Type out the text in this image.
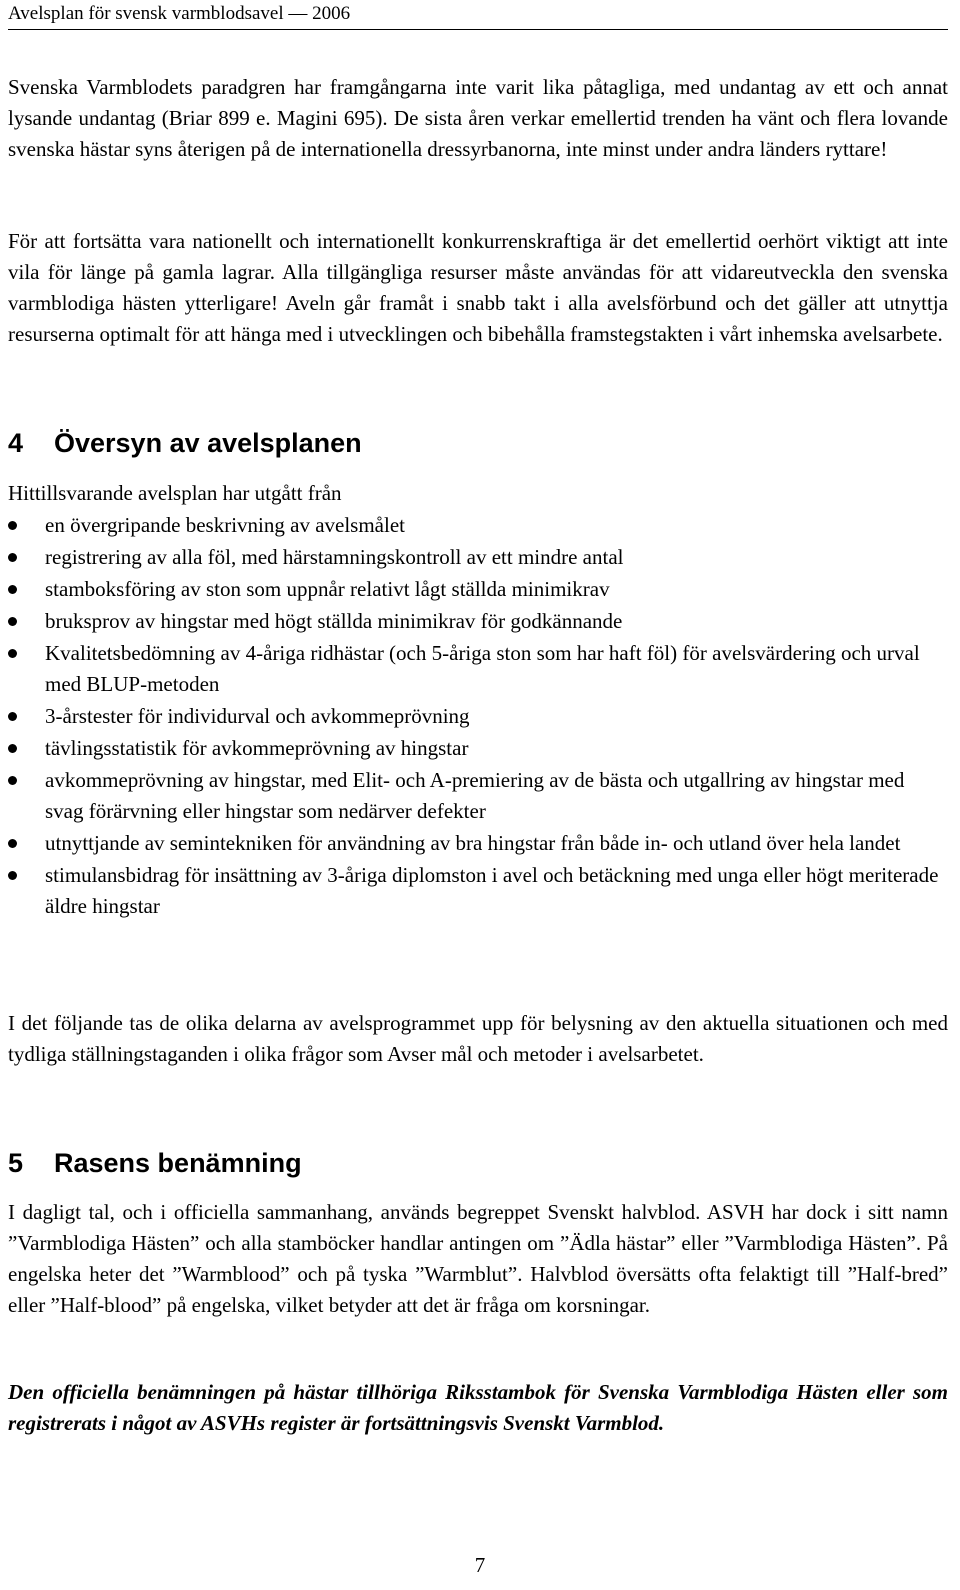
Avelsplan för svensk varmblodsavel — 2006

Svenska Varmblodets paradgren har framgångarna inte varit lika påtagliga, med undantag av ett och annat lysande undantag (Briar 899 e. Magini 695). De sista åren verkar emellertid trenden ha vänt och flera lovande svenska hästar syns återigen på de internationella dressyrbanorna, inte minst under andra länders ryttare!

För att fortsätta vara nationellt och internationellt konkurrenskraftiga är det emellertid oerhört viktigt att inte vila för länge på gamla lagrar. Alla tillgängliga resurser måste användas för att vidareutveckla den svenska varmblodiga hästen ytterligare! Aveln går framåt i snabb takt i alla avelsförbund och det gäller att utnyttja resurserna optimalt för att hänga med i utvecklingen och bibehålla framstegstakten i vårt inhemska avelsarbete.

4 Översyn av avelsplanen
Hittillsvarande avelsplan har utgått från
en övergripande beskrivning av avelsmålet
registrering av alla föl, med härstamningskontroll av ett mindre antal
stamboksföring av ston som uppnår relativt lågt ställda minimikrav
bruksprov av hingstar med högt ställda minimikrav för godkännande
Kvalitetsbedömning av 4-åriga ridhästar (och 5-åriga ston som har haft föl) för avelsvärdering och urval med BLUP-metoden
3-årstester för individurval och avkommeprövning
tävlingsstatistik för avkommeprövning av hingstar
avkommeprövning av hingstar, med Elit- och A-premiering av de bästa och utgallring av hingstar med svag förärvning eller hingstar som nedärver defekter
utnyttjande av semintekniken för användning av bra hingstar från både in- och utland över hela landet
stimulansbidrag för insättning av 3-åriga diplomston i avel och betäckning med unga eller högt meriterade äldre hingstar

I det följande tas de olika delarna av avelsprogrammet upp för belysning av den aktuella situationen och med tydliga ställningstaganden i olika frågor som Avser mål och metoder i avelsarbetet.

5 Rasens benämning

I dagligt tal, och i officiella sammanhang, används begreppet Svenskt halvblod. ASVH har dock i sitt namn ”Varmblodiga Hästen” och alla stamböcker handlar antingen om ”Ädla hästar” eller ”Varmblodiga Hästen”. På engelska heter det ”Warmblood” och på tyska ”Warmblut”. Halvblod översätts ofta felaktigt till ”Half-bred” eller ”Half-blood” på engelska, vilket betyder att det är fråga om korsningar.

Den officiella benämningen på hästar tillhöriga Riksstambok för Svenska Varmblodiga Hästen eller som registrerats i något av ASVHs register är fortsättningsvis Svenskt Varmblod.

7
